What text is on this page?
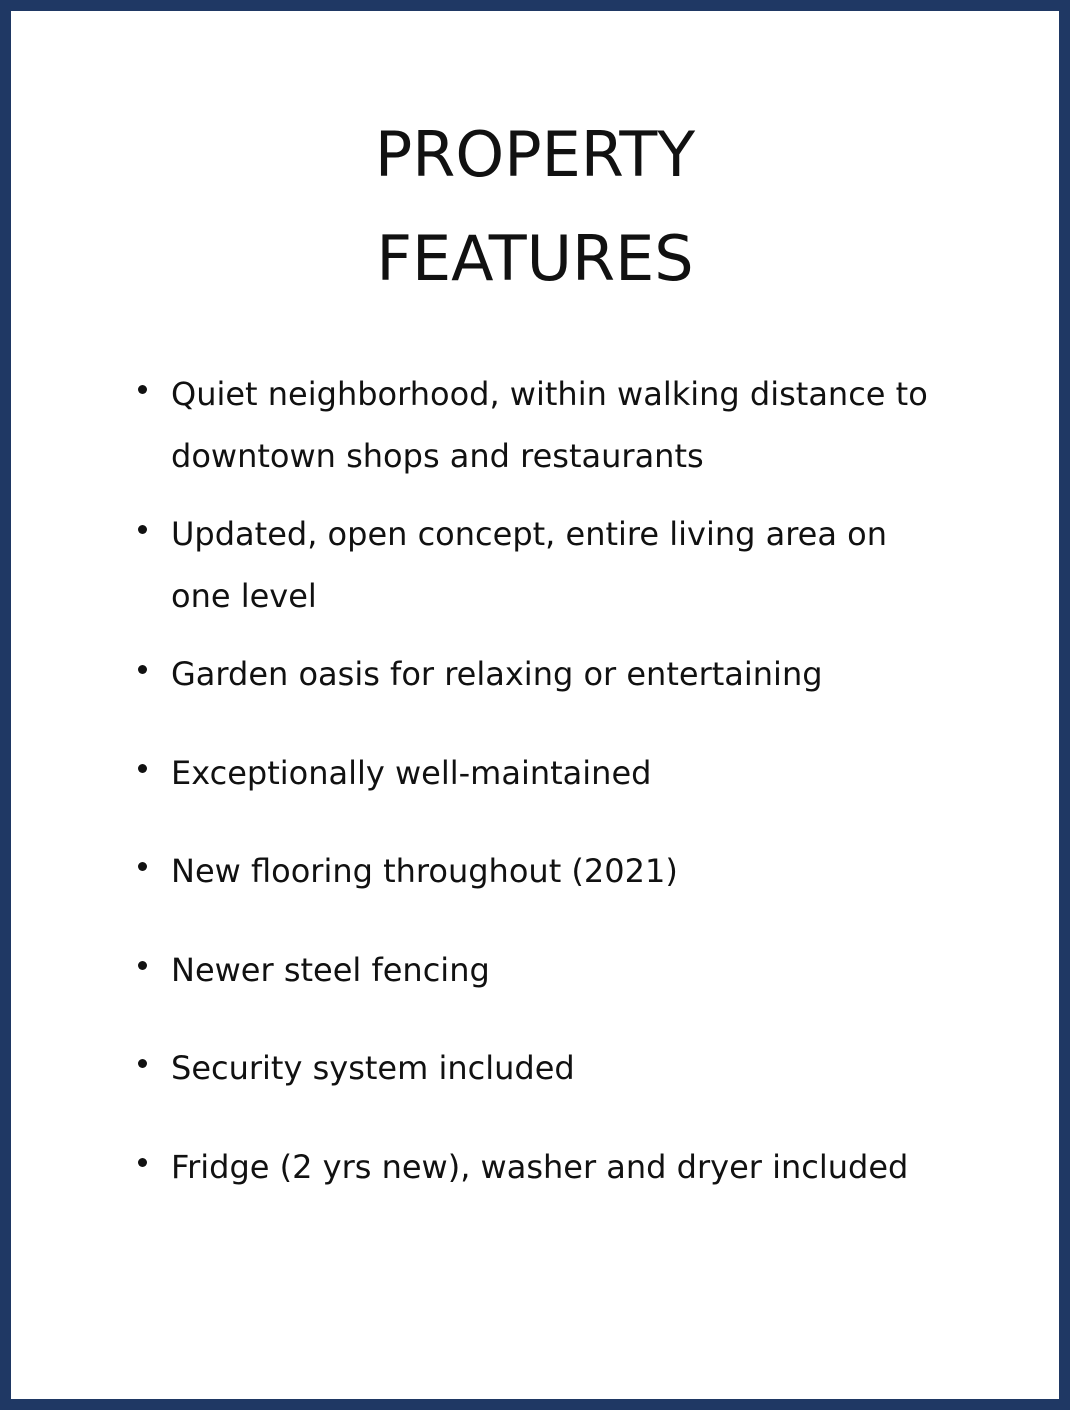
PROPERTY
FEATURES
Quiet neighborhood, within walking distance to
downtown shops and restaurants
Updated, open concept, entire living area on
one level
Garden oasis for relaxing or entertaining
Exceptionally well-maintained
New flooring throughout (2021)
Newer steel fencing
Security system included
Fridge (2 yrs new), washer and dryer included
